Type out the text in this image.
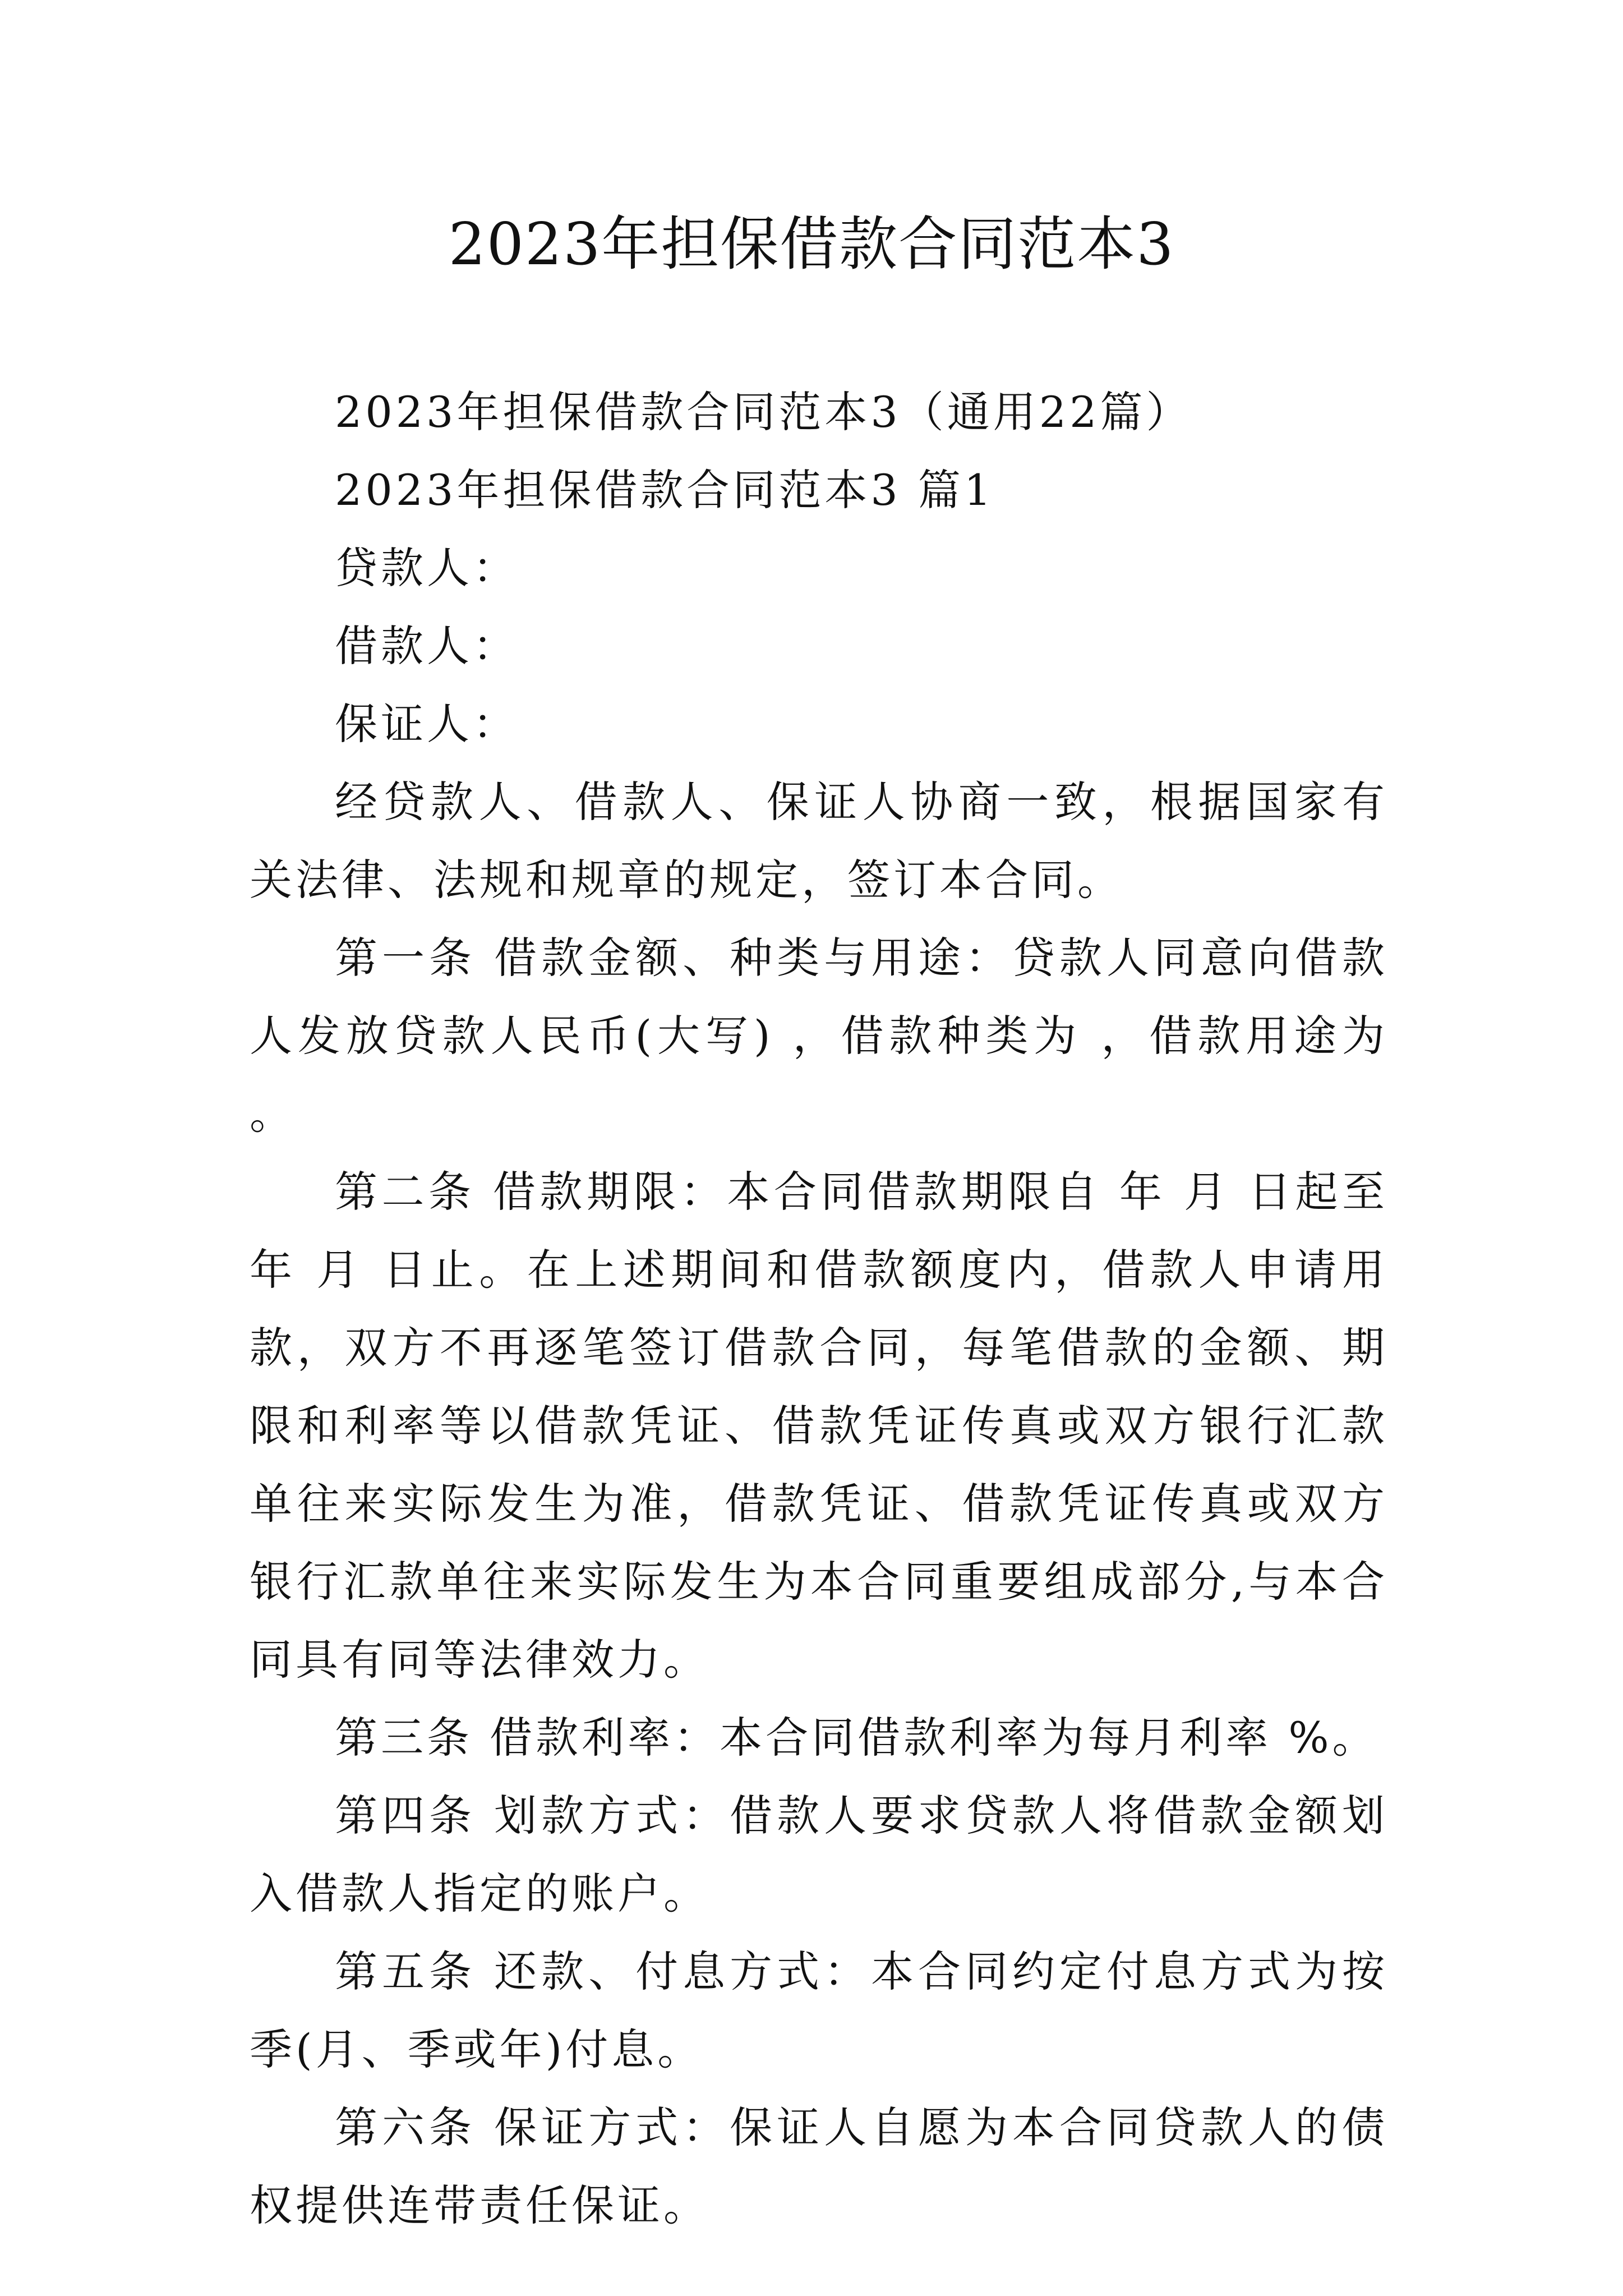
2023年担保借款合同范本3

2023年担保借款合同范本3（通用22篇）

2023年担保借款合同范本3 篇1

贷款人：

借款人：

保证人：

经贷款人、借款人、保证人协商一致，根据国家有关法律、法规和规章的规定，签订本合同。

第一条 借款金额、种类与用途：贷款人同意向借款人发放贷款人民币(大写) ，借款种类为 ，借款用途为 。

第二条 借款期限：本合同借款期限自 年 月 日起至 年 月 日止。在上述期间和借款额度内，借款人申请用款，双方不再逐笔签订借款合同，每笔借款的金额、期限和利率等以借款凭证、借款凭证传真或双方银行汇款单往来实际发生为准，借款凭证、借款凭证传真或双方银行汇款单往来实际发生为本合同重要组成部分,与本合同具有同等法律效力。

第三条 借款利率：本合同借款利率为每月利率 %。

第四条 划款方式：借款人要求贷款人将借款金额划入借款人指定的账户。

第五条 还款、付息方式：本合同约定付息方式为按 季(月、季或年)付息。

第六条 保证方式：保证人自愿为本合同贷款人的债权提供连带责任保证。
